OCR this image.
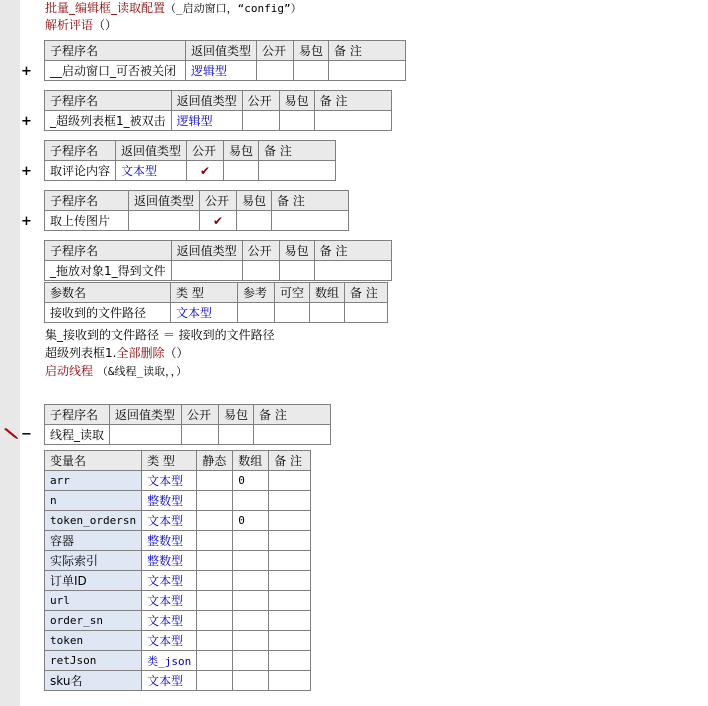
批量_编辑框_读取配置（_启动窗口，“config”）
解析评语（）
+
子程序名	返回值类型	公开	易包	备 注
__启动窗口_可否被关闭	逻辑型			
+
子程序名	返回值类型	公开	易包	备 注
_超级列表框1_被双击	逻辑型			
+
子程序名	返回值类型	公开	易包	备 注
取评论内容	文本型	✔		
+
子程序名	返回值类型	公开	易包	备 注
取上传图片		✔		
子程序名	返回值类型	公开	易包	备 注
_拖放对象1_得到文件				
参数名	类 型	参考	可空	数组	备 注
接收到的文件路径	文本型				
集_接收到的文件路径 ＝ 接收到的文件路径
超级列表框1.全部删除（）
启动线程 （&线程_读取，，）
−
子程序名	返回值类型	公开	易包	备 注
线程_读取				
变量名	类 型	静态	数组	备 注
arr	文本型		0	
n	整数型			
token_ordersn	文本型		0	
容器	整数型			
实际索引	整数型			
订单ID	文本型			
url	文本型			
order_sn	文本型			
token	文本型			
retJson	类_json			
sku名	文本型			
